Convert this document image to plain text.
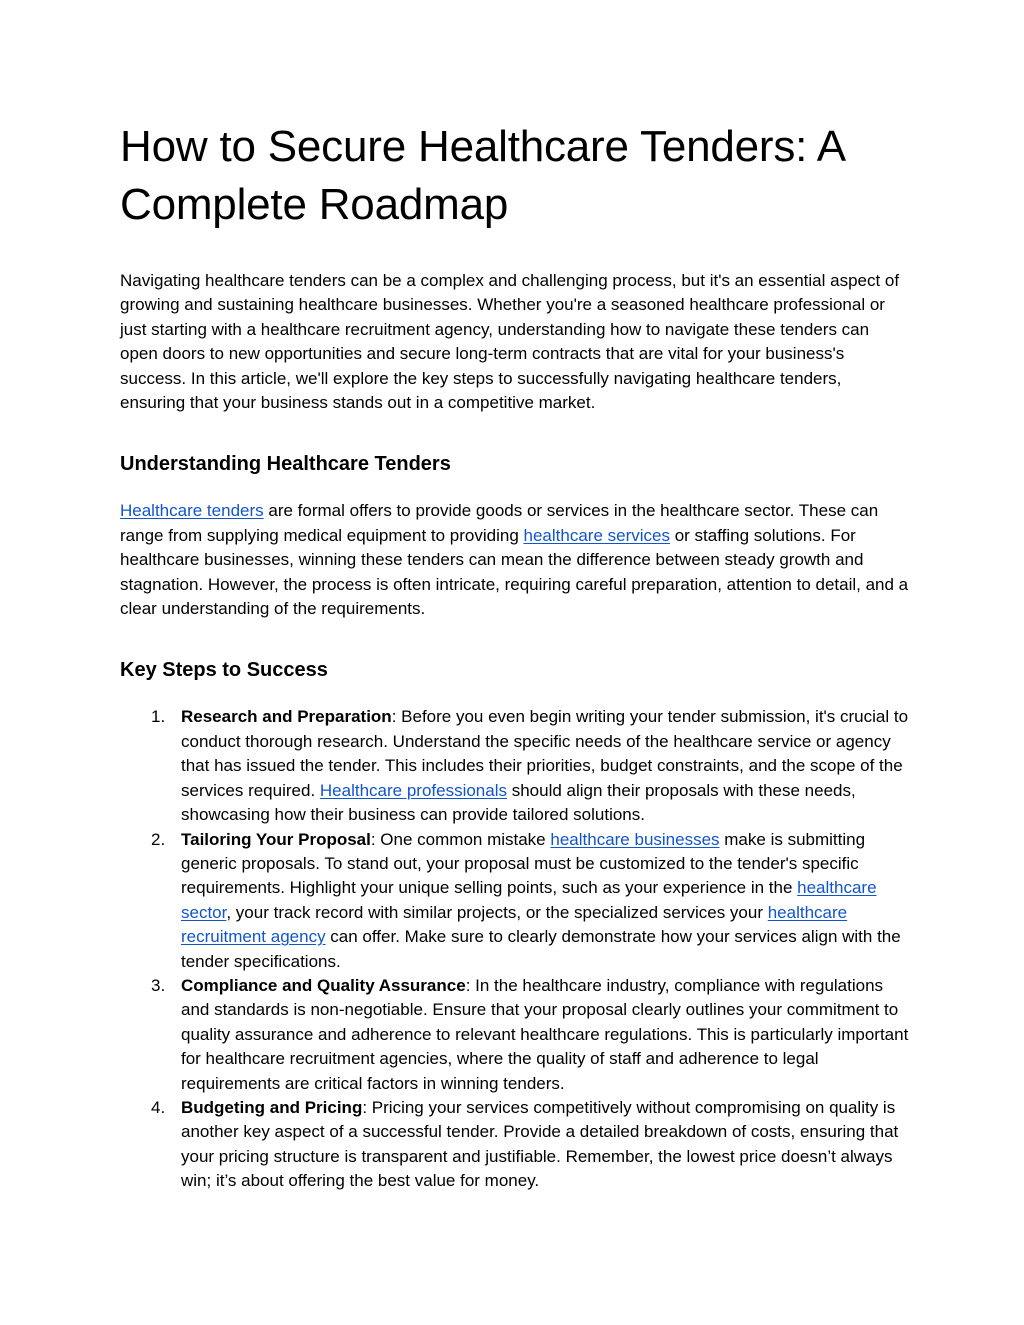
How to Secure Healthcare Tenders: A Complete Roadmap

Navigating healthcare tenders can be a complex and challenging process, but it's an essential aspect of growing and sustaining healthcare businesses. Whether you're a seasoned healthcare professional or just starting with a healthcare recruitment agency, understanding how to navigate these tenders can open doors to new opportunities and secure long-term contracts that are vital for your business's success. In this article, we'll explore the key steps to successfully navigating healthcare tenders, ensuring that your business stands out in a competitive market.

Understanding Healthcare Tenders

Healthcare tenders are formal offers to provide goods or services in the healthcare sector. These can range from supplying medical equipment to providing healthcare services or staffing solutions. For healthcare businesses, winning these tenders can mean the difference between steady growth and stagnation. However, the process is often intricate, requiring careful preparation, attention to detail, and a clear understanding of the requirements.

Key Steps to Success
1. Research and Preparation: Before you even begin writing your tender submission, it's crucial to conduct thorough research. Understand the specific needs of the healthcare service or agency that has issued the tender. This includes their priorities, budget constraints, and the scope of the services required. Healthcare professionals should align their proposals with these needs, showcasing how their business can provide tailored solutions.
2. Tailoring Your Proposal: One common mistake healthcare businesses make is submitting generic proposals. To stand out, your proposal must be customized to the tender's specific requirements. Highlight your unique selling points, such as your experience in the healthcare sector, your track record with similar projects, or the specialized services your healthcare recruitment agency can offer. Make sure to clearly demonstrate how your services align with the tender specifications.
3. Compliance and Quality Assurance: In the healthcare industry, compliance with regulations and standards is non-negotiable. Ensure that your proposal clearly outlines your commitment to quality assurance and adherence to relevant healthcare regulations. This is particularly important for healthcare recruitment agencies, where the quality of staff and adherence to legal requirements are critical factors in winning tenders.
4. Budgeting and Pricing: Pricing your services competitively without compromising on quality is another key aspect of a successful tender. Provide a detailed breakdown of costs, ensuring that your pricing structure is transparent and justifiable. Remember, the lowest price doesn’t always win; it’s about offering the best value for money.
